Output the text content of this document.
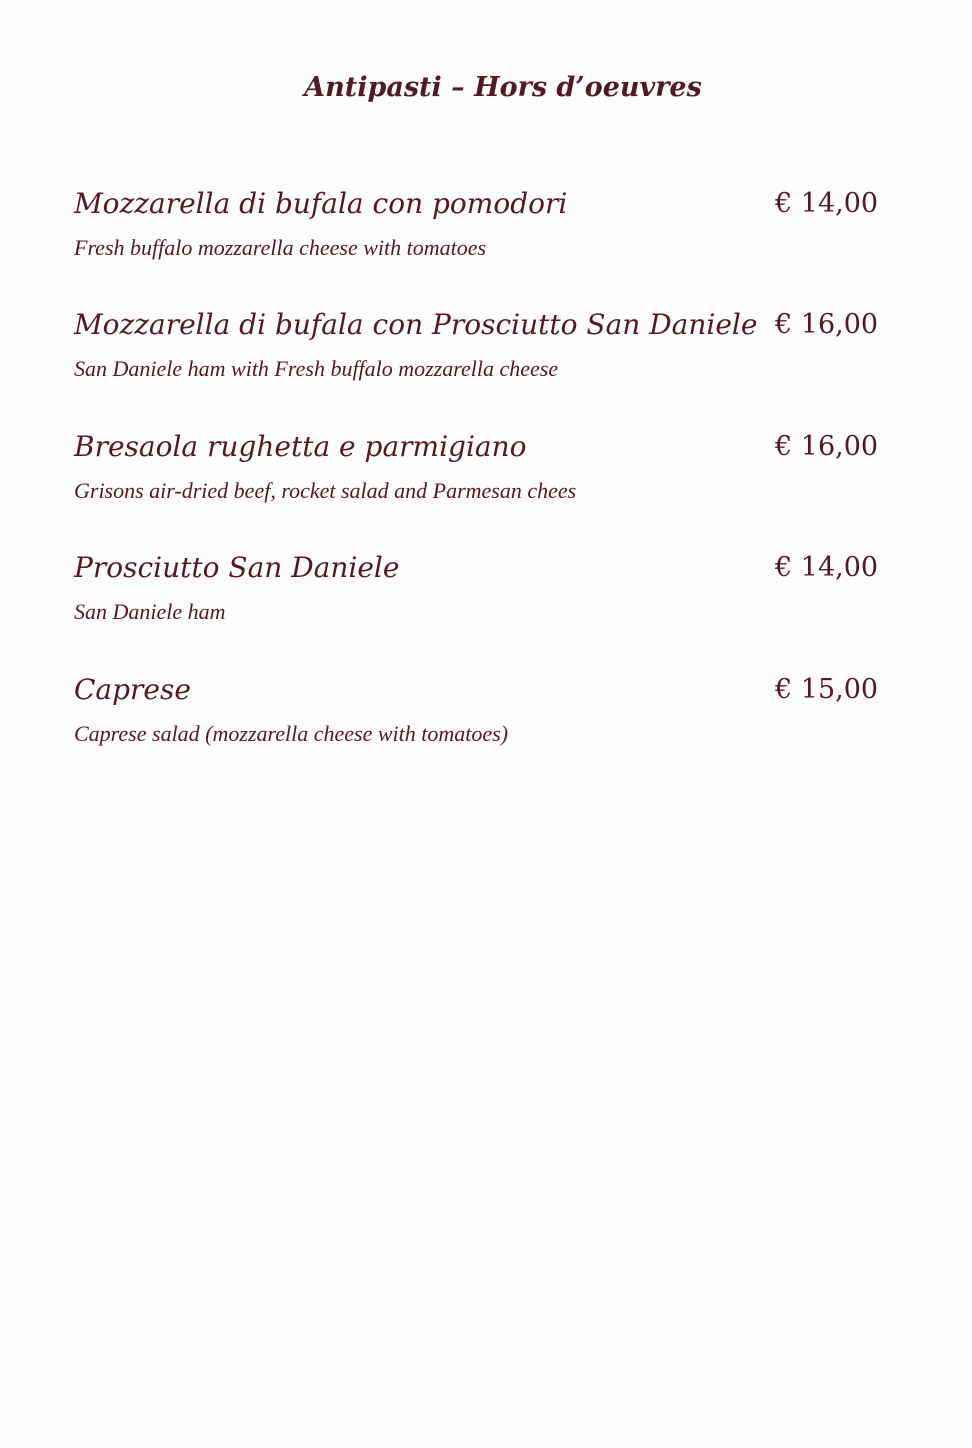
Antipasti – Hors d’oeuvres
Mozzarella di bufala con pomodori	€ 14,00
Fresh buffalo mozzarella cheese with tomatoes
Mozzarella di bufala con Prosciutto San Daniele € 16,00
San Daniele ham with Fresh buffalo mozzarella cheese
Bresaola rughetta e parmigiano	€ 16,00
Grisons air-dried beef, rocket salad and Parmesan chees
Prosciutto San Daniele	€ 14,00
San Daniele ham
Caprese	€ 15,00
Caprese salad (mozzarella cheese with tomatoes)
